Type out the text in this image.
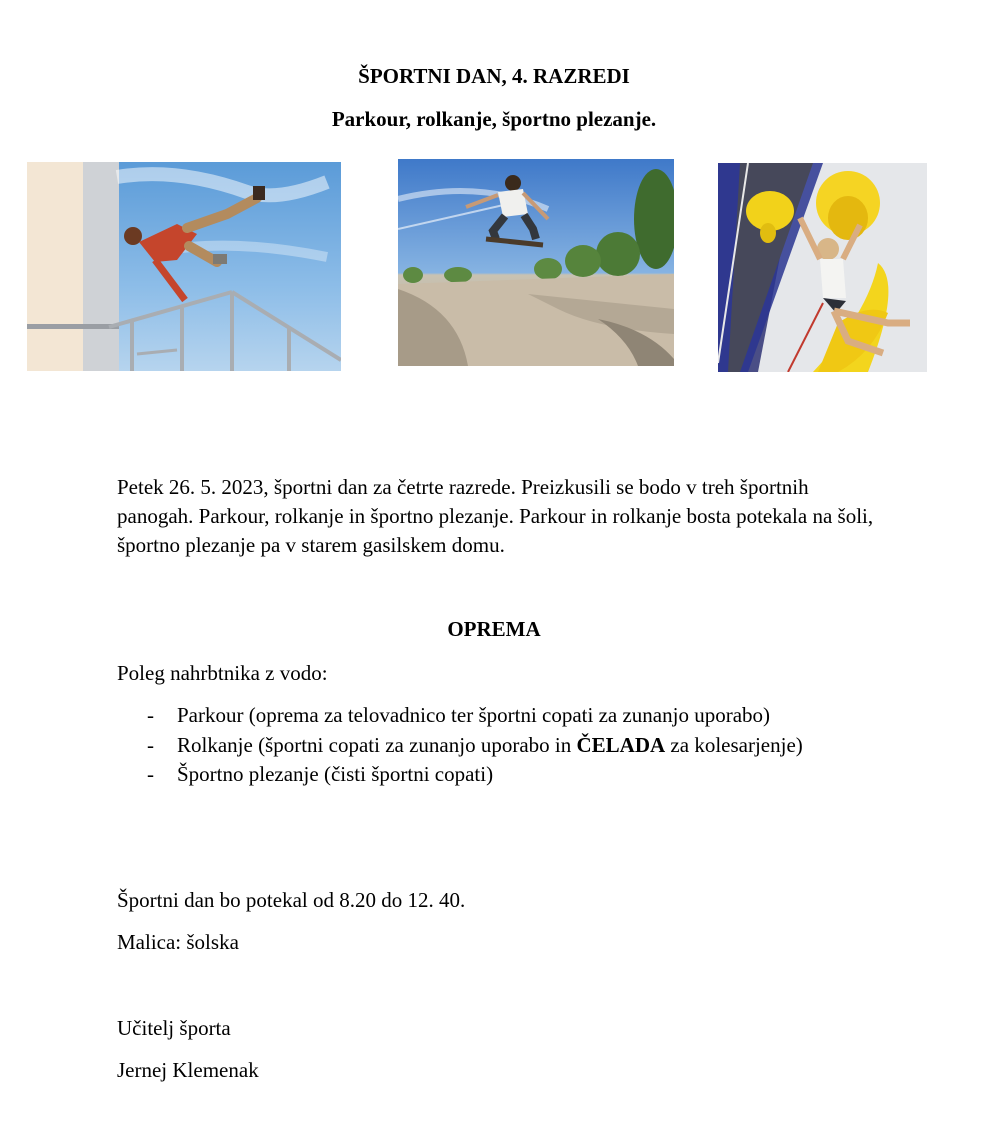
ŠPORTNI DAN, 4. RAZREDI

Parkour, rolkanje, športno plezanje.

Petek 26. 5. 2023, športni dan za četrte razrede. Preizkusili se bodo v treh športnih panogah. Parkour, rolkanje in športno plezanje. Parkour in rolkanje bosta potekala na šoli, športno plezanje pa v starem gasilskem domu.

OPREMA

Poleg nahrbtnika z vodo:

- Parkour (oprema za telovadnico ter športni copati za zunanjo uporabo)
- Rolkanje (športni copati za zunanjo uporabo in ČELADA za kolesarjenje)
- Športno plezanje (čisti športni copati)

Športni dan bo potekal od 8.20 do 12. 40.

Malica: šolska

Učitelj športa

Jernej Klemenak
